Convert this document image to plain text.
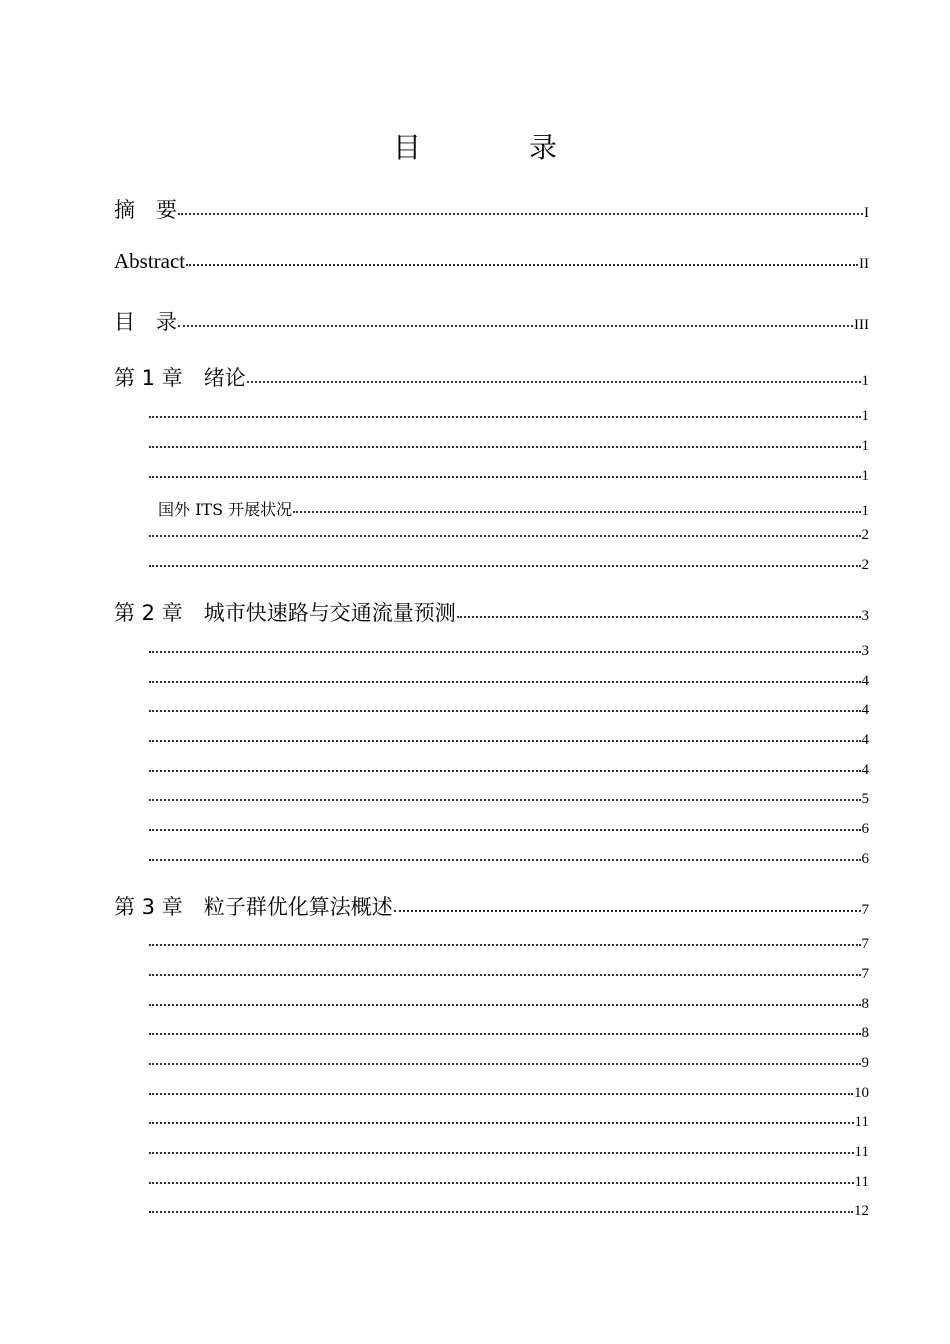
目　录
摘　要	I
Abstract	II
目　录	III
第 1 章　绪论	1
1
1
1
国外 ITS 开展状况	1
2
2
第 2 章　城市快速路与交通流量预测	3
3
4
4
4
4
5
6
6
第 3 章　粒子群优化算法概述	7
7
7
8
8
9
10
11
11
11
12
